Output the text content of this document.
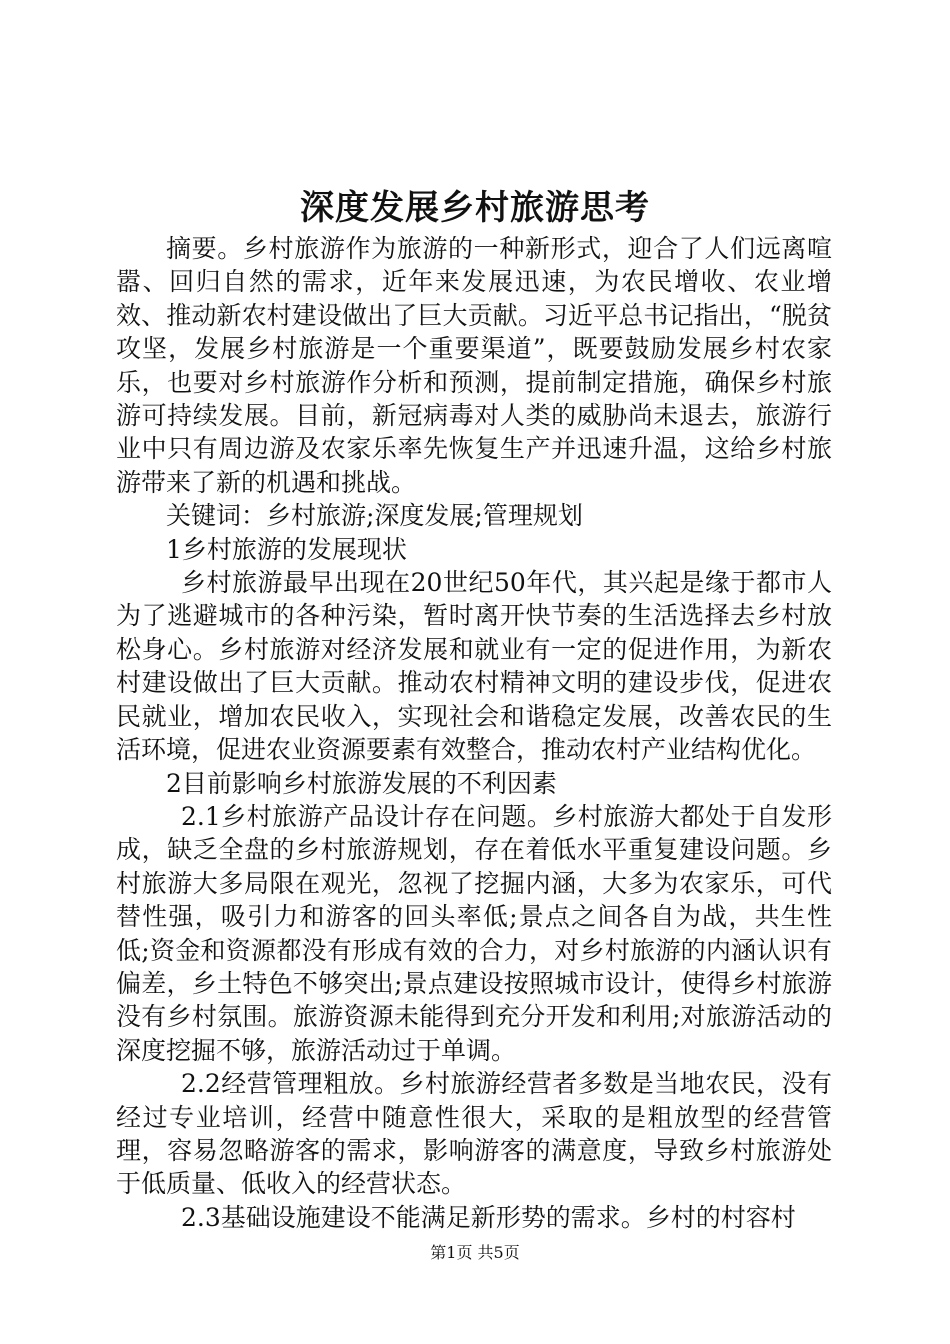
深度发展乡村旅游思考

摘要。乡村旅游作为旅游的一种新形式，迎合了人们远离喧嚣、回归自然的需求，近年来发展迅速，为农民增收、农业增效、推动新农村建设做出了巨大贡献。习近平总书记指出，“脱贫攻坚，发展乡村旅游是一个重要渠道”，既要鼓励发展乡村农家乐，也要对乡村旅游作分析和预测，提前制定措施，确保乡村旅游可持续发展。目前，新冠病毒对人类的威胁尚未退去，旅游行业中只有周边游及农家乐率先恢复生产并迅速升温，这给乡村旅游带来了新的机遇和挑战。

关键词：乡村旅游;深度发展;管理规划

1乡村旅游的发展现状

乡村旅游最早出现在20世纪50年代，其兴起是缘于都市人为了逃避城市的各种污染，暂时离开快节奏的生活选择去乡村放松身心。乡村旅游对经济发展和就业有一定的促进作用，为新农村建设做出了巨大贡献。推动农村精神文明的建设步伐，促进农民就业，增加农民收入，实现社会和谐稳定发展，改善农民的生活环境，促进农业资源要素有效整合，推动农村产业结构优化。

2目前影响乡村旅游发展的不利因素

2.1乡村旅游产品设计存在问题。乡村旅游大都处于自发形成，缺乏全盘的乡村旅游规划，存在着低水平重复建设问题。乡村旅游大多局限在观光，忽视了挖掘内涵，大多为农家乐，可代替性强，吸引力和游客的回头率低;景点之间各自为战，共生性低;资金和资源都没有形成有效的合力，对乡村旅游的内涵认识有偏差，乡土特色不够突出;景点建设按照城市设计，使得乡村旅游没有乡村氛围。旅游资源未能得到充分开发和利用;对旅游活动的深度挖掘不够，旅游活动过于单调。

2.2经营管理粗放。乡村旅游经营者多数是当地农民，没有经过专业培训，经营中随意性很大，采取的是粗放型的经营管理，容易忽略游客的需求，影响游客的满意度，导致乡村旅游处于低质量、低收入的经营状态。

2.3基础设施建设不能满足新形势的需求。乡村的村容村

第1页 共5页
